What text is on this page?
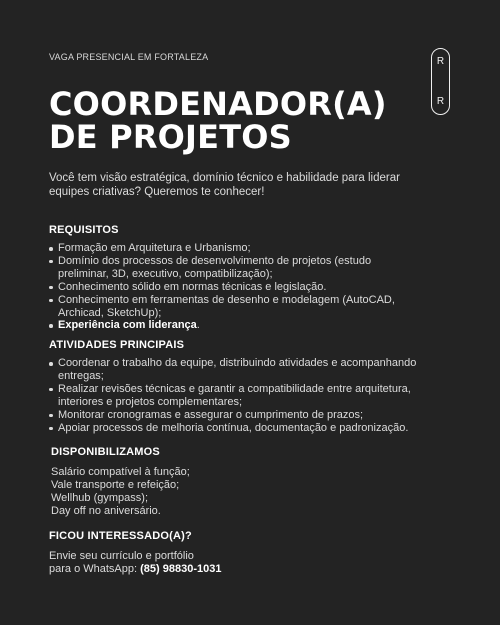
VAGA PRESENCIAL EM FORTALEZA	R
R
COORDENADOR(A)
DE PROJETOS

Você tem visão estratégica, domínio técnico e habilidade para liderar equipes criativas? Queremos te conhecer!

REQUISITOS
Formação em Arquitetura e Urbanismo;
Domínio dos processos de desenvolvimento de projetos (estudo preliminar, 3D, executivo, compatibilização);
Conhecimento sólido em normas técnicas e legislação.
Conhecimento em ferramentas de desenho e modelagem (AutoCAD, Archicad, SketchUp);
Experiência com liderança.
ATIVIDADES PRINCIPAIS
Coordenar o trabalho da equipe, distribuindo atividades e acompanhando entregas;
Realizar revisões técnicas e garantir a compatibilidade entre arquitetura, interiores e projetos complementares;
Monitorar cronogramas e assegurar o cumprimento de prazos;
Apoiar processos de melhoria contínua, documentação e padronização.
DISPONIBILIZAMOS
Salário compatível à função;
Vale transporte e refeição;
Wellhub (gympass);
Day off no aniversário.
FICOU INTERESSADO(A)?
Envie seu currículo e portfólio
para o WhatsApp: (85) 98830-1031
